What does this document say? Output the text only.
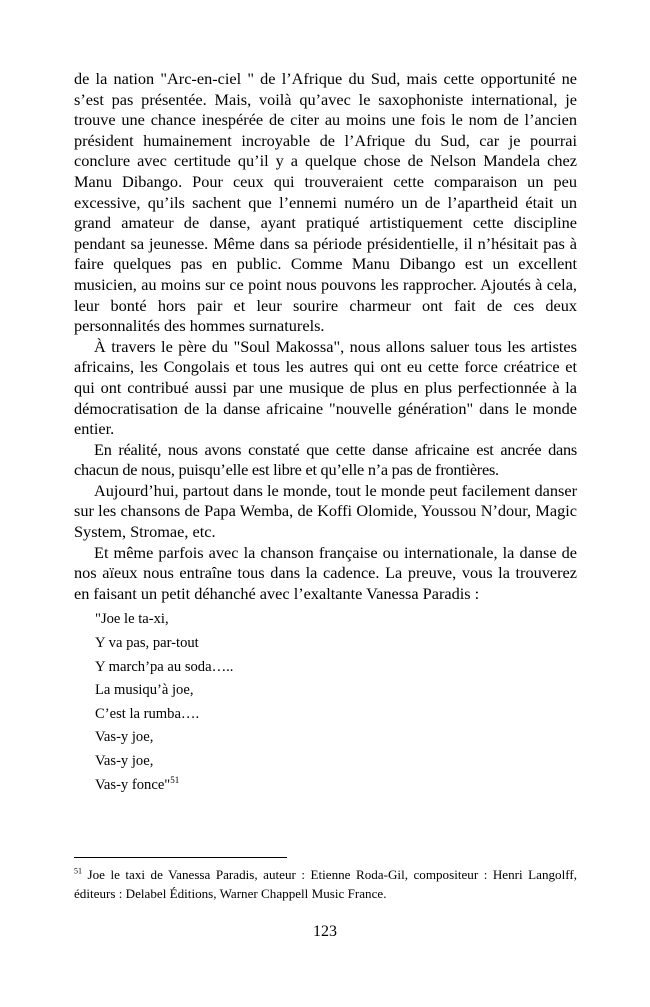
de la nation "Arc-en-ciel " de l’Afrique du Sud, mais cette opportunité ne s’est pas présentée. Mais, voilà qu’avec le saxophoniste international, je trouve une chance inespérée de citer au moins une fois le nom de l’ancien président humainement incroyable de l’Afrique du Sud, car je pourrai conclure avec certitude qu’il y a quelque chose de Nelson Mandela chez Manu Dibango. Pour ceux qui trouveraient cette comparaison un peu excessive, qu’ils sachent que l’ennemi numéro un de l’apartheid était un grand amateur de danse, ayant pratiqué artistiquement cette discipline pendant sa jeunesse. Même dans sa période présidentielle, il n’hésitait pas à faire quelques pas en public. Comme Manu Dibango est un excellent musicien, au moins sur ce point nous pouvons les rapprocher. Ajoutés à cela, leur bonté hors pair et leur sourire charmeur ont fait de ces deux personnalités des hommes surnaturels.

À travers le père du "Soul Makossa", nous allons saluer tous les artistes africains, les Congolais et tous les autres qui ont eu cette force créatrice et qui ont contribué aussi par une musique de plus en plus perfectionnée à la démocratisation de la danse africaine "nouvelle génération" dans le monde entier.

En réalité, nous avons constaté que cette danse africaine est ancrée dans chacun de nous, puisqu’elle est libre et qu’elle n’a pas de frontières.

Aujourd’hui, partout dans le monde, tout le monde peut facilement danser sur les chansons de Papa Wemba, de Koffi Olomide, Youssou N’dour, Magic System, Stromae, etc.

Et même parfois avec la chanson française ou internationale, la danse de nos aïeux nous entraîne tous dans la cadence. La preuve, vous la trouverez en faisant un petit déhanché avec l’exaltante Vanessa Paradis :

"Joe le ta-xi,
Y va pas, par-tout
Y march’pa au soda…..
La musiqu’à joe,
C’est la rumba….
Vas-y joe,
Vas-y joe,
Vas-y fonce"$^{51}$

$^{51}$ Joe le taxi de Vanessa Paradis, auteur : Etienne Roda-Gil, compositeur : Henri Langolff, éditeurs : Delabel Éditions, Warner Chappell Music France.

123
